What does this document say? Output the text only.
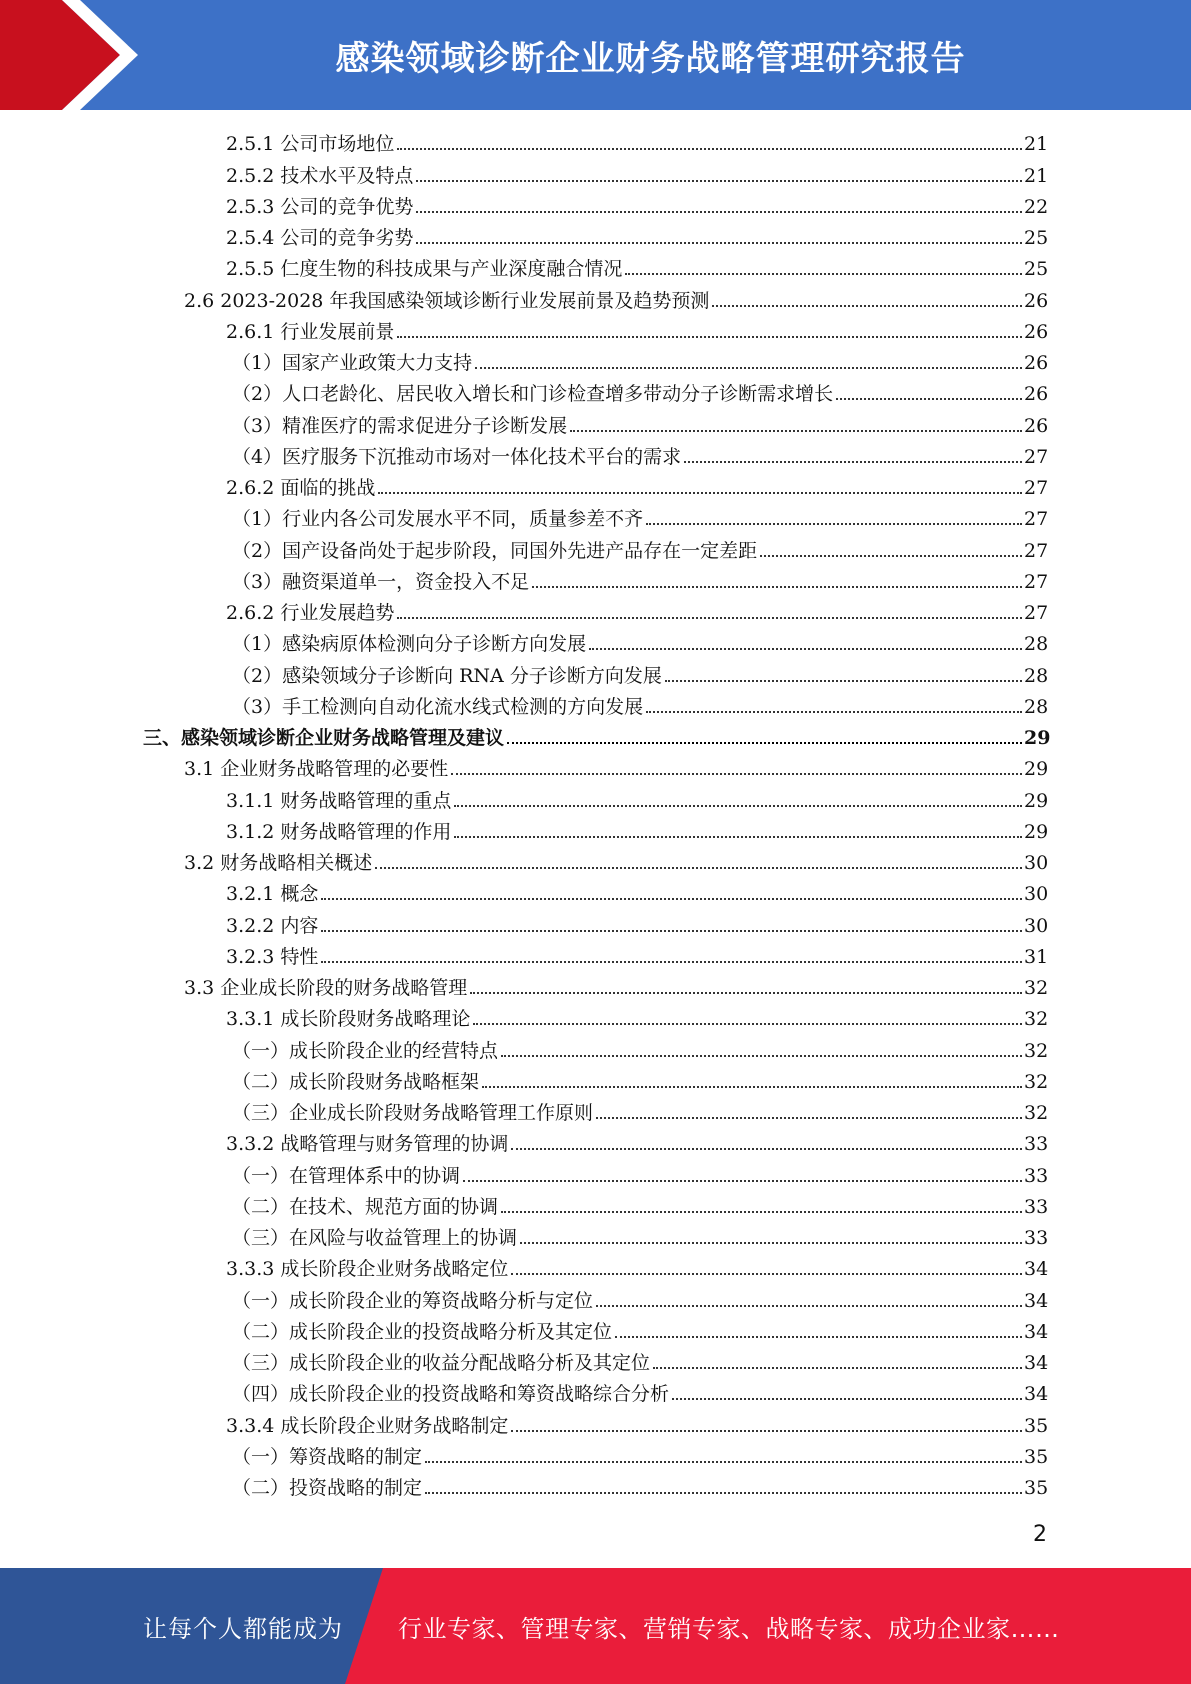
感染领域诊断企业财务战略管理研究报告
2.5.1 公司市场地位	21
2.5.2 技术水平及特点	21
2.5.3 公司的竞争优势	22
2.5.4 公司的竞争劣势	25
2.5.5 仁度生物的科技成果与产业深度融合情况	25
2.6 2023-2028 年我国感染领域诊断行业发展前景及趋势预测	26
2.6.1 行业发展前景	26
（1）国家产业政策大力支持	26
（2）人口老龄化、居民收入增长和门诊检查增多带动分子诊断需求增长	26
（3）精准医疗的需求促进分子诊断发展	26
（4）医疗服务下沉推动市场对一体化技术平台的需求	27
2.6.2 面临的挑战	27
（1）行业内各公司发展水平不同，质量参差不齐	27
（2）国产设备尚处于起步阶段，同国外先进产品存在一定差距	27
（3）融资渠道单一，资金投入不足	27
2.6.2 行业发展趋势	27
（1）感染病原体检测向分子诊断方向发展	28
（2）感染领域分子诊断向 RNA 分子诊断方向发展	28
（3）手工检测向自动化流水线式检测的方向发展	28
三、感染领域诊断企业财务战略管理及建议	29
3.1 企业财务战略管理的必要性	29
3.1.1 财务战略管理的重点	29
3.1.2 财务战略管理的作用	29
3.2 财务战略相关概述	30
3.2.1 概念	30
3.2.2 内容	30
3.2.3 特性	31
3.3 企业成长阶段的财务战略管理	32
3.3.1 成长阶段财务战略理论	32
（一）成长阶段企业的经营特点	32
（二）成长阶段财务战略框架	32
（三）企业成长阶段财务战略管理工作原则	32
3.3.2 战略管理与财务管理的协调	33
（一）在管理体系中的协调	33
（二）在技术、规范方面的协调	33
（三）在风险与收益管理上的协调	33
3.3.3 成长阶段企业财务战略定位	34
（一）成长阶段企业的筹资战略分析与定位	34
（二）成长阶段企业的投资战略分析及其定位	34
（三）成长阶段企业的收益分配战略分析及其定位	34
（四）成长阶段企业的投资战略和筹资战略综合分析	34
3.3.4 成长阶段企业财务战略制定	35
（一）筹资战略的制定	35
（二）投资战略的制定	35
2
让每个人都能成为 行业专家、管理专家、营销专家、战略专家、成功企业家……
